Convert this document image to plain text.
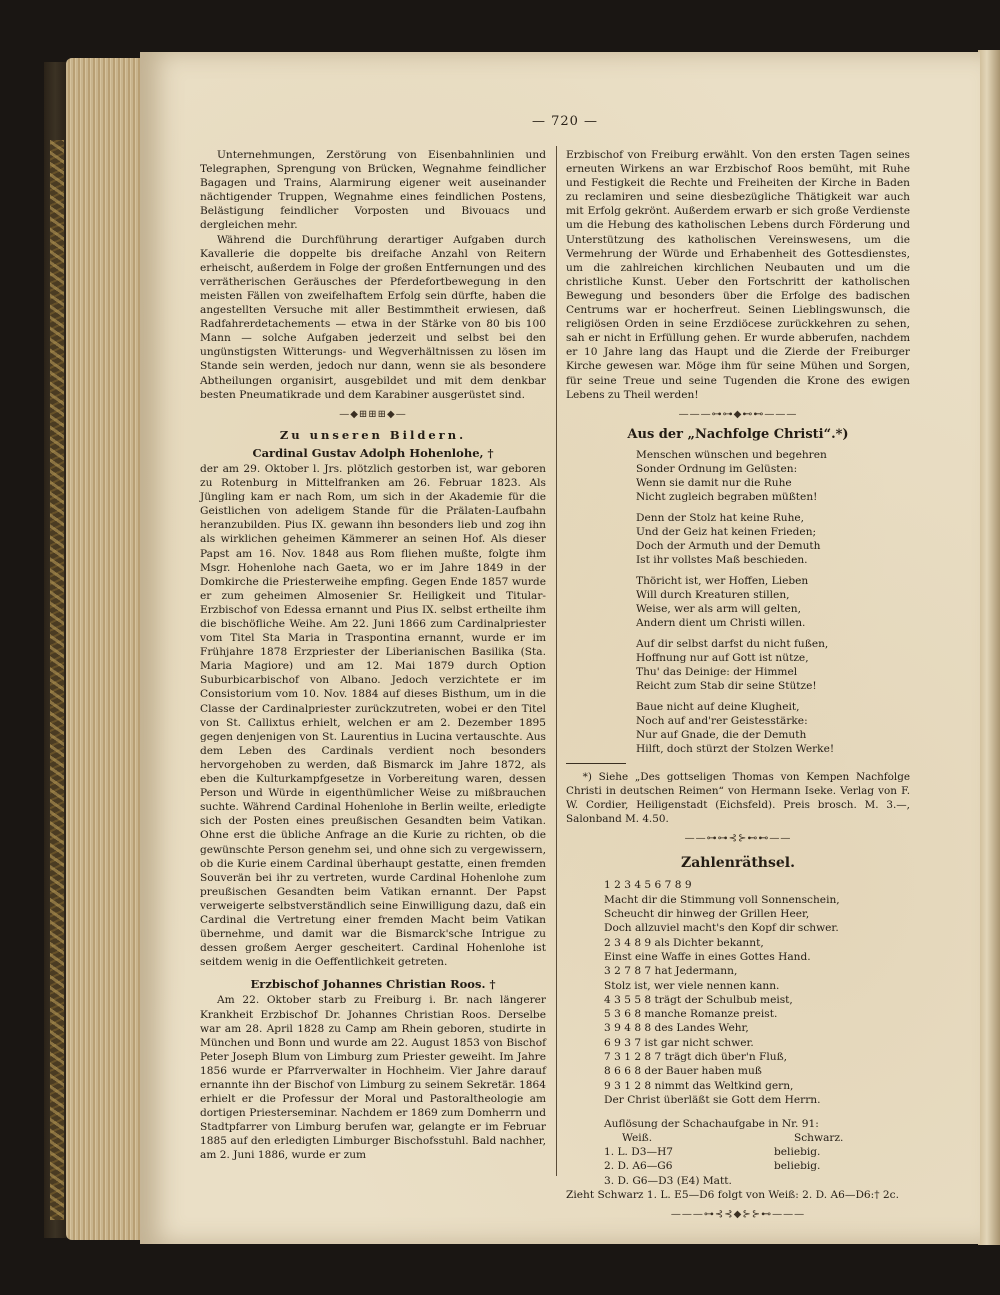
— 720 —

Unternehmungen, Zerstörung von Eisenbahnlinien und Telegraphen, Sprengung von Brücken, Wegnahme feindlicher Bagagen und Trains, Alarmirung eigener weit auseinander nächtigender Truppen, Wegnahme eines feindlichen Postens, Belästigung feindlicher Vorposten und Bivouacs und dergleichen mehr.

Während die Durchführung derartiger Aufgaben durch Kavallerie die doppelte bis dreifache Anzahl von Reitern erheischt, außerdem in Folge der großen Entfernungen und des verrätherischen Geräusches der Pferdefortbewegung in den meisten Fällen von zweifelhaftem Erfolg sein dürfte, haben die angestellten Versuche mit aller Bestimmtheit erwiesen, daß Radfahrerdetachements — etwa in der Stärke von 80 bis 100 Mann — solche Aufgaben jederzeit und selbst bei den ungünstigsten Witterungs- und Wegverhältnissen zu lösen im Stande sein werden, jedoch nur dann, wenn sie als besondere Abtheilungen organisirt, ausgebildet und mit dem denkbar besten Pneumatikrade und dem Karabiner ausgerüstet sind.

—◆⊞⊞⊞◆—
Zu unseren Bildern.
Cardinal Gustav Adolph Hohenlohe, †

der am 29. Oktober l. Jrs. plötzlich gestorben ist, war geboren zu Rotenburg in Mittelfranken am 26. Februar 1823. Als Jüngling kam er nach Rom, um sich in der Akademie für die Geistlichen von adeligem Stande für die Prälaten-Laufbahn heranzubilden. Pius IX. gewann ihn besonders lieb und zog ihn als wirklichen geheimen Kämmerer an seinen Hof. Als dieser Papst am 16. Nov. 1848 aus Rom fliehen mußte, folgte ihm Msgr. Hohenlohe nach Gaeta, wo er im Jahre 1849 in der Domkirche die Priesterweihe empfing. Gegen Ende 1857 wurde er zum geheimen Almosenier Sr. Heiligkeit und Titular-Erzbischof von Edessa ernannt und Pius IX. selbst ertheilte ihm die bischöfliche Weihe. Am 22. Juni 1866 zum Cardinalpriester vom Titel Sta Maria in Traspontina ernannt, wurde er im Frühjahre 1878 Erzpriester der Liberianischen Basilika (Sta. Maria Magiore) und am 12. Mai 1879 durch Option Suburbicarbischof von Albano. Jedoch verzichtete er im Consistorium vom 10. Nov. 1884 auf dieses Bisthum, um in die Classe der Cardinalpriester zurückzutreten, wobei er den Titel von St. Callixtus erhielt, welchen er am 2. Dezember 1895 gegen denjenigen von St. Laurentius in Lucina vertauschte. Aus dem Leben des Cardinals verdient noch besonders hervorgehoben zu werden, daß Bismarck im Jahre 1872, als eben die Kulturkampfgesetze in Vorbereitung waren, dessen Person und Würde in eigenthümlicher Weise zu mißbrauchen suchte. Während Cardinal Hohenlohe in Berlin weilte, erledigte sich der Posten eines preußischen Gesandten beim Vatikan. Ohne erst die übliche Anfrage an die Kurie zu richten, ob die gewünschte Person genehm sei, und ohne sich zu vergewissern, ob die Kurie einem Cardinal überhaupt gestatte, einen fremden Souverän bei ihr zu vertreten, wurde Cardinal Hohenlohe zum preußischen Gesandten beim Vatikan ernannt. Der Papst verweigerte selbstverständlich seine Einwilligung dazu, daß ein Cardinal die Vertretung einer fremden Macht beim Vatikan übernehme, und damit war die Bismarck'sche Intrigue zu dessen großem Aerger gescheitert. Cardinal Hohenlohe ist seitdem wenig in die Oeffentlichkeit getreten.

Erzbischof Johannes Christian Roos. †

Am 22. Oktober starb zu Freiburg i. Br. nach längerer Krankheit Erzbischof Dr. Johannes Christian Roos. Derselbe war am 28. April 1828 zu Camp am Rhein geboren, studirte in München und Bonn und wurde am 22. August 1853 von Bischof Peter Joseph Blum von Limburg zum Priester geweiht. Im Jahre 1856 wurde er Pfarrverwalter in Hochheim. Vier Jahre darauf ernannte ihn der Bischof von Limburg zu seinem Sekretär. 1864 erhielt er die Professur der Moral und Pastoraltheologie am dortigen Priesterseminar. Nachdem er 1869 zum Domherrn und Stadtpfarrer von Limburg berufen war, gelangte er im Februar 1885 auf den erledigten Limburger Bischofsstuhl. Bald nachher, am 2. Juni 1886, wurde er zum

Erzbischof von Freiburg erwählt. Von den ersten Tagen seines erneuten Wirkens an war Erzbischof Roos bemüht, mit Ruhe und Festigkeit die Rechte und Freiheiten der Kirche in Baden zu reclamiren und seine diesbezügliche Thätigkeit war auch mit Erfolg gekrönt. Außerdem erwarb er sich große Verdienste um die Hebung des katholischen Lebens durch Förderung und Unterstützung des katholischen Vereinswesens, um die Vermehrung der Würde und Erhabenheit des Gottesdienstes, um die zahlreichen kirchlichen Neubauten und um die christliche Kunst. Ueber den Fortschritt der katholischen Bewegung und besonders über die Erfolge des badischen Centrums war er hocherfreut. Seinen Lieblingswunsch, die religiösen Orden in seine Erzdiöcese zurückkehren zu sehen, sah er nicht in Erfüllung gehen. Er wurde abberufen, nachdem er 10 Jahre lang das Haupt und die Zierde der Freiburger Kirche gewesen war. Möge ihm für seine Mühen und Sorgen, für seine Treue und seine Tugenden die Krone des ewigen Lebens zu Theil werden!

———⊶⊶◆⊷⊷———
Aus der „Nachfolge Christi“.*)
Menschen wünschen und begehren
Sonder Ordnung im Gelüsten:
Wenn sie damit nur die Ruhe
Nicht zugleich begraben müßten!
Denn der Stolz hat keine Ruhe,
Und der Geiz hat keinen Frieden;
Doch der Armuth und der Demuth
Ist ihr vollstes Maß beschieden.
Thöricht ist, wer Hoffen, Lieben
Will durch Kreaturen stillen,
Weise, wer als arm will gelten,
Andern dient um Christi willen.
Auf dir selbst darfst du nicht fußen,
Hoffnung nur auf Gott ist nütze,
Thu' das Deinige: der Himmel
Reicht zum Stab dir seine Stütze!
Baue nicht auf deine Klugheit,
Noch auf and'rer Geistesstärke:
Nur auf Gnade, die der Demuth
Hilft, doch stürzt der Stolzen Werke!

*) Siehe „Des gottseligen Thomas von Kempen Nachfolge Christi in deutschen Reimen“ von Hermann Iseke. Verlag von F. W. Cordier, Heiligenstadt (Eichsfeld). Preis brosch. M. 3.—, Salonband M. 4.50.

——⊶⊶⊰⊱⊷⊷——
Zahlenräthsel.
1 2 3 4 5 6 7 8 9
Macht dir die Stimmung voll Sonnenschein,
Scheucht dir hinweg der Grillen Heer,
Doch allzuviel macht's den Kopf dir schwer.
2 3 4 8 9 als Dichter bekannt,
Einst eine Waffe in eines Gottes Hand.
3 2 7 8 7 hat Jedermann,
Stolz ist, wer viele nennen kann.
4 3 5 5 8 trägt der Schulbub meist,
5 3 6 8 manche Romanze preist.
3 9 4 8 8 des Landes Wehr,
6 9 3 7 ist gar nicht schwer.
7 3 1 2 8 7 trägt dich über'n Fluß,
8 6 6 8 der Bauer haben muß
9 3 1 2 8 nimmt das Weltkind gern,
Der Christ überläßt sie Gott dem Herrn.
Auflösung der Schachaufgabe in Nr. 91:
Weiß.	Schwarz.
1. L. D3—H7	beliebig.
2. D. A6—G6	beliebig.
3. D. G6—D3 (E4) Matt.
Zieht Schwarz 1. L. E5—D6 folgt von Weiß: 2. D. A6—D6:† 2c.
———⊶⊰⊰◆⊱⊱⊷———
